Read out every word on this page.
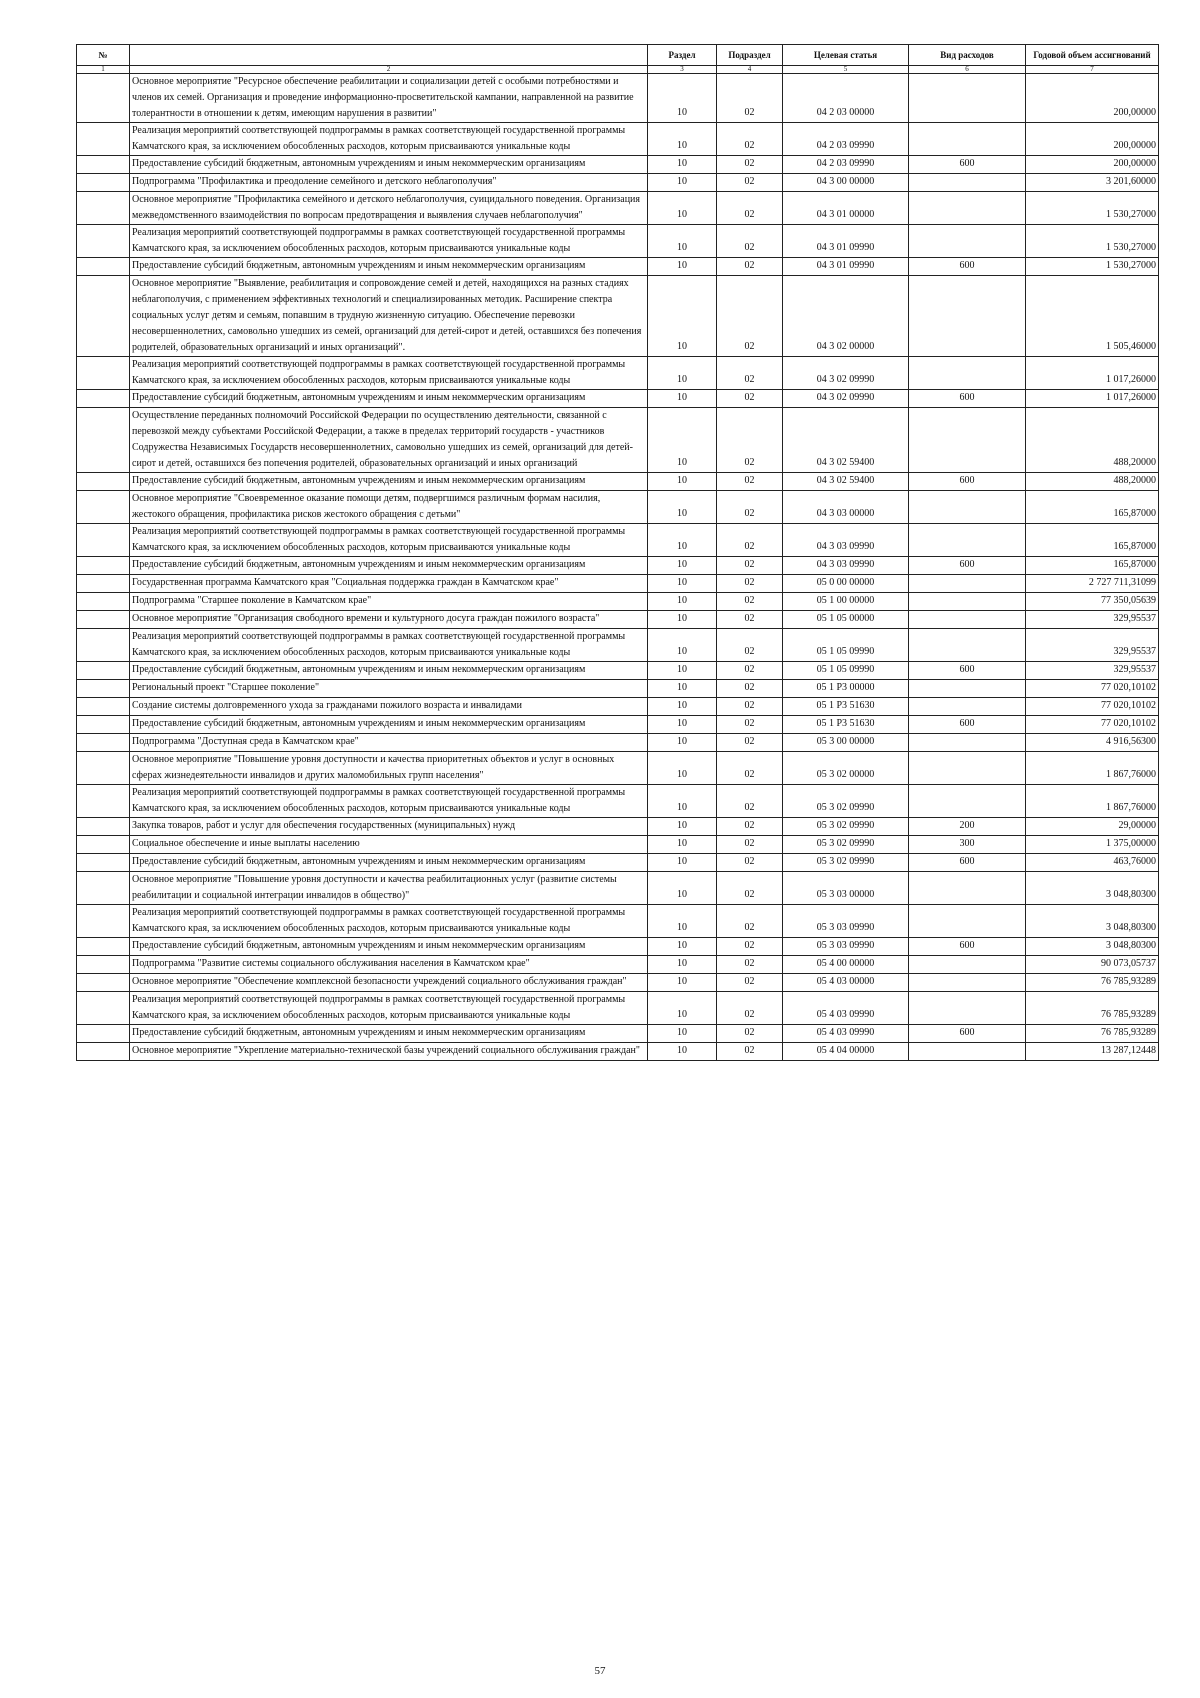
№		Раздел	Подраздел	Целевая статья	Вид расходов	Годовой объем ассигнований
1	2	3	4	5	6	7
	Основное мероприятие "Ресурсное обеспечение реабилитации и социализации детей с особыми потребностями и членов их семей. Организация и проведение информационно-просветительской кампании, направленной на развитие толерантности в отношении к детям, имеющим нарушения в развитии"	10	02	04 2 03 00000		200,00000
	Реализация мероприятий соответствующей подпрограммы в рамках соответствующей государственной программы Камчатского края, за исключением обособленных расходов, которым присваиваются уникальные коды	10	02	04 2 03 09990		200,00000
	Предоставление субсидий бюджетным, автономным учреждениям и иным некоммерческим организациям	10	02	04 2 03 09990	600	200,00000
	Подпрограмма "Профилактика и преодоление семейного и детского неблагополучия"	10	02	04 3 00 00000		3 201,60000
	Основное мероприятие "Профилактика семейного и детского неблагополучия, суицидального поведения. Организация межведомственного взаимодействия по вопросам предотвращения и выявления случаев неблагополучия"	10	02	04 3 01 00000		1 530,27000
	Реализация мероприятий соответствующей подпрограммы в рамках соответствующей государственной программы Камчатского края, за исключением обособленных расходов, которым присваиваются уникальные коды	10	02	04 3 01 09990		1 530,27000
	Предоставление субсидий бюджетным, автономным учреждениям и иным некоммерческим организациям	10	02	04 3 01 09990	600	1 530,27000
	Основное мероприятие "Выявление, реабилитация и сопровождение семей и детей, находящихся на разных стадиях неблагополучия, с применением эффективных технологий и специализированных методик. Расширение спектра социальных услуг детям и семьям, попавшим в трудную жизненную ситуацию. Обеспечение перевозки несовершеннолетних, самовольно ушедших из семей, организаций для детей-сирот и детей, оставшихся без попечения родителей, образовательных организаций и иных организаций".	10	02	04 3 02 00000		1 505,46000
	Реализация мероприятий соответствующей подпрограммы в рамках соответствующей государственной программы Камчатского края, за исключением обособленных расходов, которым присваиваются уникальные коды	10	02	04 3 02 09990		1 017,26000
	Предоставление субсидий бюджетным, автономным учреждениям и иным некоммерческим организациям	10	02	04 3 02 09990	600	1 017,26000
	Осуществление переданных полномочий Российской Федерации по осуществлению деятельности, связанной с перевозкой между субъектами Российской Федерации, а также в пределах территорий государств - участников Содружества Независимых Государств несовершеннолетних, самовольно ушедших из семей, организаций для детей-сирот и детей, оставшихся без попечения родителей, образовательных организаций и иных организаций	10	02	04 3 02 59400		488,20000
	Предоставление субсидий бюджетным, автономным учреждениям и иным некоммерческим организациям	10	02	04 3 02 59400	600	488,20000
	Основное мероприятие "Своевременное оказание помощи детям, подвергшимся различным формам насилия, жестокого обращения, профилактика рисков жестокого обращения с детьми"	10	02	04 3 03 00000		165,87000
	Реализация мероприятий соответствующей подпрограммы в рамках соответствующей государственной программы Камчатского края, за исключением обособленных расходов, которым присваиваются уникальные коды	10	02	04 3 03 09990		165,87000
	Предоставление субсидий бюджетным, автономным учреждениям и иным некоммерческим организациям	10	02	04 3 03 09990	600	165,87000
	Государственная программа Камчатского края "Социальная поддержка граждан в Камчатском крае"	10	02	05 0 00 00000		2 727 711,31099
	Подпрограмма "Старшее поколение в Камчатском крае"	10	02	05 1 00 00000		77 350,05639
	Основное мероприятие "Организация свободного времени и культурного досуга граждан пожилого возраста"	10	02	05 1 05 00000		329,95537
	Реализация мероприятий соответствующей подпрограммы в рамках соответствующей государственной программы Камчатского края, за исключением обособленных расходов, которым присваиваются уникальные коды	10	02	05 1 05 09990		329,95537
	Предоставление субсидий бюджетным, автономным учреждениям и иным некоммерческим организациям	10	02	05 1 05 09990	600	329,95537
	Региональный проект "Старшее поколение"	10	02	05 1 P3 00000		77 020,10102
	Создание системы долговременного ухода за гражданами пожилого возраста и инвалидами	10	02	05 1 P3 51630		77 020,10102
	Предоставление субсидий бюджетным, автономным учреждениям и иным некоммерческим организациям	10	02	05 1 P3 51630	600	77 020,10102
	Подпрограмма "Доступная среда в Камчатском крае"	10	02	05 3 00 00000		4 916,56300
	Основное мероприятие "Повышение уровня доступности и качества приоритетных объектов и услуг в основных сферах жизнедеятельности инвалидов и других маломобильных групп населения"	10	02	05 3 02 00000		1 867,76000
	Реализация мероприятий соответствующей подпрограммы в рамках соответствующей государственной программы Камчатского края, за исключением обособленных расходов, которым присваиваются уникальные коды	10	02	05 3 02 09990		1 867,76000
	Закупка товаров, работ и услуг для обеспечения государственных (муниципальных) нужд	10	02	05 3 02 09990	200	29,00000
	Социальное обеспечение и иные выплаты населению	10	02	05 3 02 09990	300	1 375,00000
	Предоставление субсидий бюджетным, автономным учреждениям и иным некоммерческим организациям	10	02	05 3 02 09990	600	463,76000
	Основное мероприятие "Повышение уровня доступности и качества реабилитационных услуг (развитие системы реабилитации и социальной интеграции инвалидов в общество)"	10	02	05 3 03 00000		3 048,80300
	Реализация мероприятий соответствующей подпрограммы в рамках соответствующей государственной программы Камчатского края, за исключением обособленных расходов, которым присваиваются уникальные коды	10	02	05 3 03 09990		3 048,80300
	Предоставление субсидий бюджетным, автономным учреждениям и иным некоммерческим организациям	10	02	05 3 03 09990	600	3 048,80300
	Подпрограмма "Развитие системы социального обслуживания населения в Камчатском крае"	10	02	05 4 00 00000		90 073,05737
	Основное мероприятие "Обеспечение комплексной безопасности учреждений социального обслуживания граждан"	10	02	05 4 03 00000		76 785,93289
	Реализация мероприятий соответствующей подпрограммы в рамках соответствующей государственной программы Камчатского края, за исключением обособленных расходов, которым присваиваются уникальные коды	10	02	05 4 03 09990		76 785,93289
	Предоставление субсидий бюджетным, автономным учреждениям и иным некоммерческим организациям	10	02	05 4 03 09990	600	76 785,93289
	Основное мероприятие "Укрепление материально-технической базы учреждений социального обслуживания граждан"	10	02	05 4 04 00000		13 287,12448
57
